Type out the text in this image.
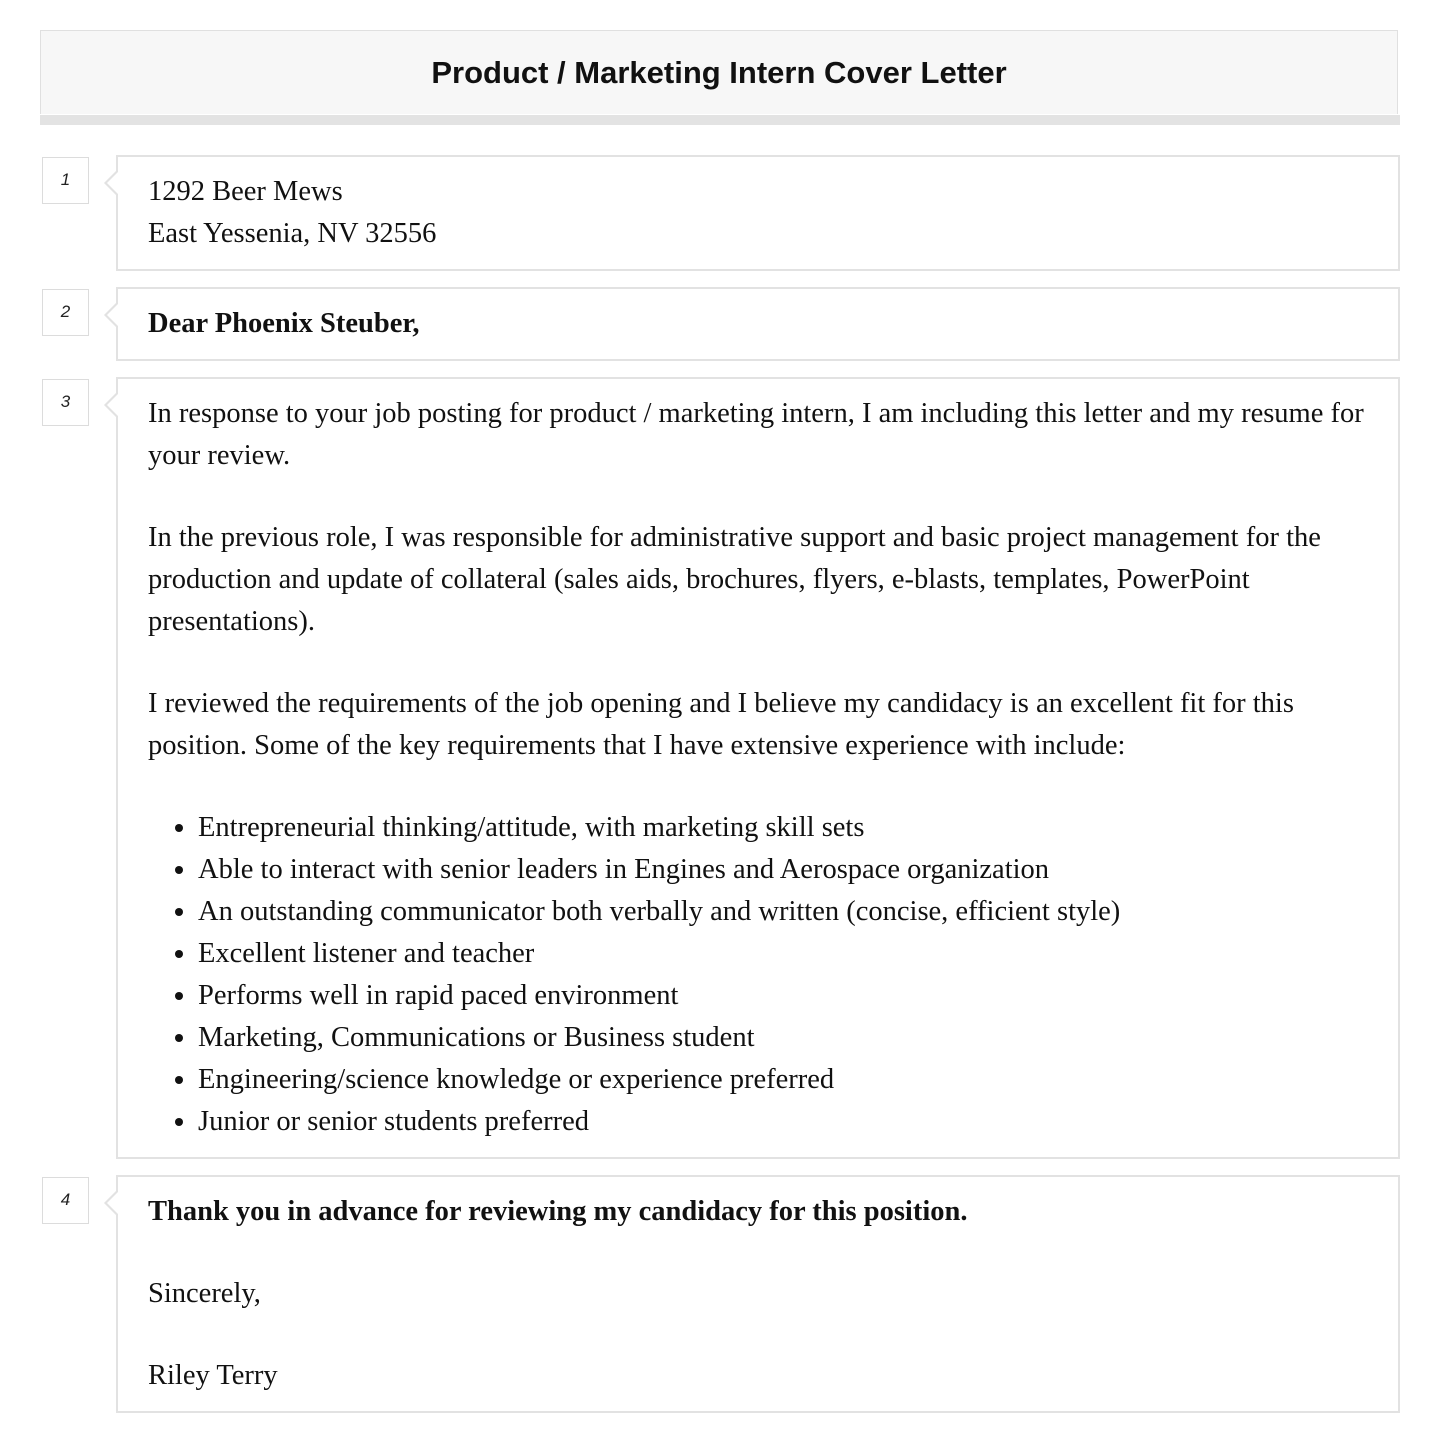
Product / Marketing Intern Cover Letter
1	1292 Beer Mews

East Yessenia, NV 32556

2	Dear Phoenix Steuber,

3	In response to your job posting for product / marketing intern, I am including this letter and my resume for your review.

In the previous role, I was responsible for administrative support and basic project management for the production and update of collateral (sales aids, brochures, flyers, e-blasts, templates, PowerPoint presentations).

I reviewed the requirements of the job opening and I believe my candidacy is an excellent fit for this position. Some of the key requirements that I have extensive experience with include:

• Entrepreneurial thinking/attitude, with marketing skill sets
• Able to interact with senior leaders in Engines and Aerospace organization
• An outstanding communicator both verbally and written (concise, efficient style)
• Excellent listener and teacher
• Performs well in rapid paced environment
• Marketing, Communications or Business student
• Engineering/science knowledge or experience preferred
• Junior or senior students preferred
4	Thank you in advance for reviewing my candidacy for this position.

Sincerely,

Riley Terry
